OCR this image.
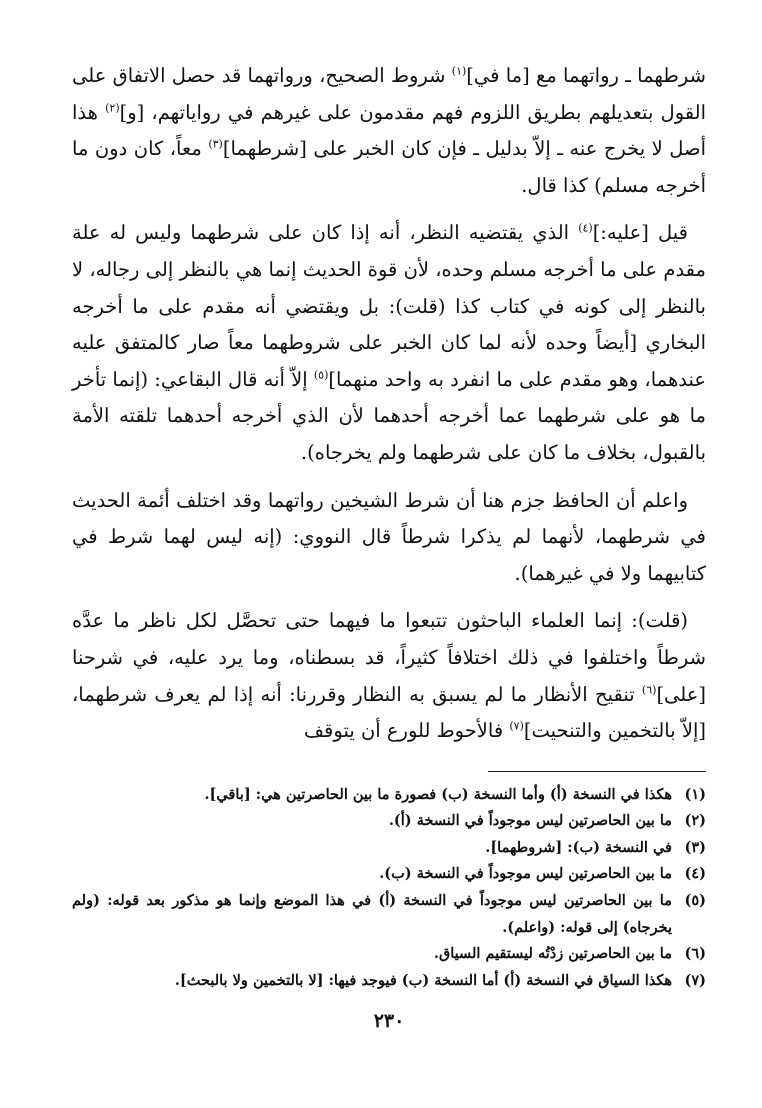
شرطهما ـ رواتهما مع [ما في]$^{(١)}$ شروط الصحيح، ورواتهما قد حصل الاتفاق على القول بتعديلهم بطريق اللزوم فهم مقدمون على غيرهم في رواياتهم، [و]$^{(٢)}$ هذا أصل لا يخرج عنه ـ إلاّ بدليل ـ فإن كان الخبر على [شرطهما]$^{(٣)}$ معاً، كان دون ما أخرجه مسلم) كذا قال.

قيل [عليه:]$^{(٤)}$ الذي يقتضيه النظر، أنه إذا كان على شرطهما وليس له علة مقدم على ما أخرجه مسلم وحده، لأن قوة الحديث إنما هي بالنظر إلى رجاله، لا بالنظر إلى كونه في كتاب كذا (قلت): بل ويقتضي أنه مقدم على ما أخرجه البخاري [أيضاً وحده لأنه لما كان الخبر على شروطهما معاً صار كالمتفق عليه عندهما، وهو مقدم على ما انفرد به واحد منهما]$^{(٥)}$ إلاّ أنه قال البقاعي: (إنما تأخر ما هو على شرطهما عما أخرجه أحدهما لأن الذي أخرجه أحدهما تلقته الأمة بالقبول، بخلاف ما كان على شرطهما ولم يخرجاه).

واعلم أن الحافظ جزم هنا أن شرط الشيخين رواتهما وقد اختلف أئمة الحديث في شرطهما، لأنهما لم يذكرا شرطاً قال النووي: (إنه ليس لهما شرط في كتابيهما ولا في غيرهما).

(قلت): إنما العلماء الباحثون تتبعوا ما فيهما حتى تحصَّل لكل ناظر ما عدَّه شرطاً واختلفوا في ذلك اختلافاً كثيراً، قد بسطناه، وما يرد عليه، في شرحنا [على]$^{(٦)}$ تنقيح الأنظار ما لم يسبق به النظار وقررنا: أنه إذا لم يعرف شرطهما، [إلاّ بالتخمين والتنحيت]$^{(٧)}$ فالأحوط للورع أن يتوقف

(١)
هكذا في النسخة (أ) وأما النسخة (ب) فصورة ما بين الحاصرتين هي: [باقي].
(٢)
ما بين الحاصرتين ليس موجوداً في النسخة (أ).
(٣)
في النسخة (ب): [شروطهما].
(٤)
ما بين الحاصرتين ليس موجوداً في النسخة (ب).
(٥)
ما بين الحاصرتين ليس موجوداً في النسخة (أ) في هذا الموضع وإنما هو مذكور بعد قوله: (ولم يخرجاه) إلى قوله: (واعلم).
(٦)
ما بين الحاصرتين زدْتُه ليستقيم السياق.
(٧)
هكذا السياق في النسخة (أ) أما النسخة (ب) فيوجد فيها: [لا بالتخمين ولا بالبحث].
٢٣٠
